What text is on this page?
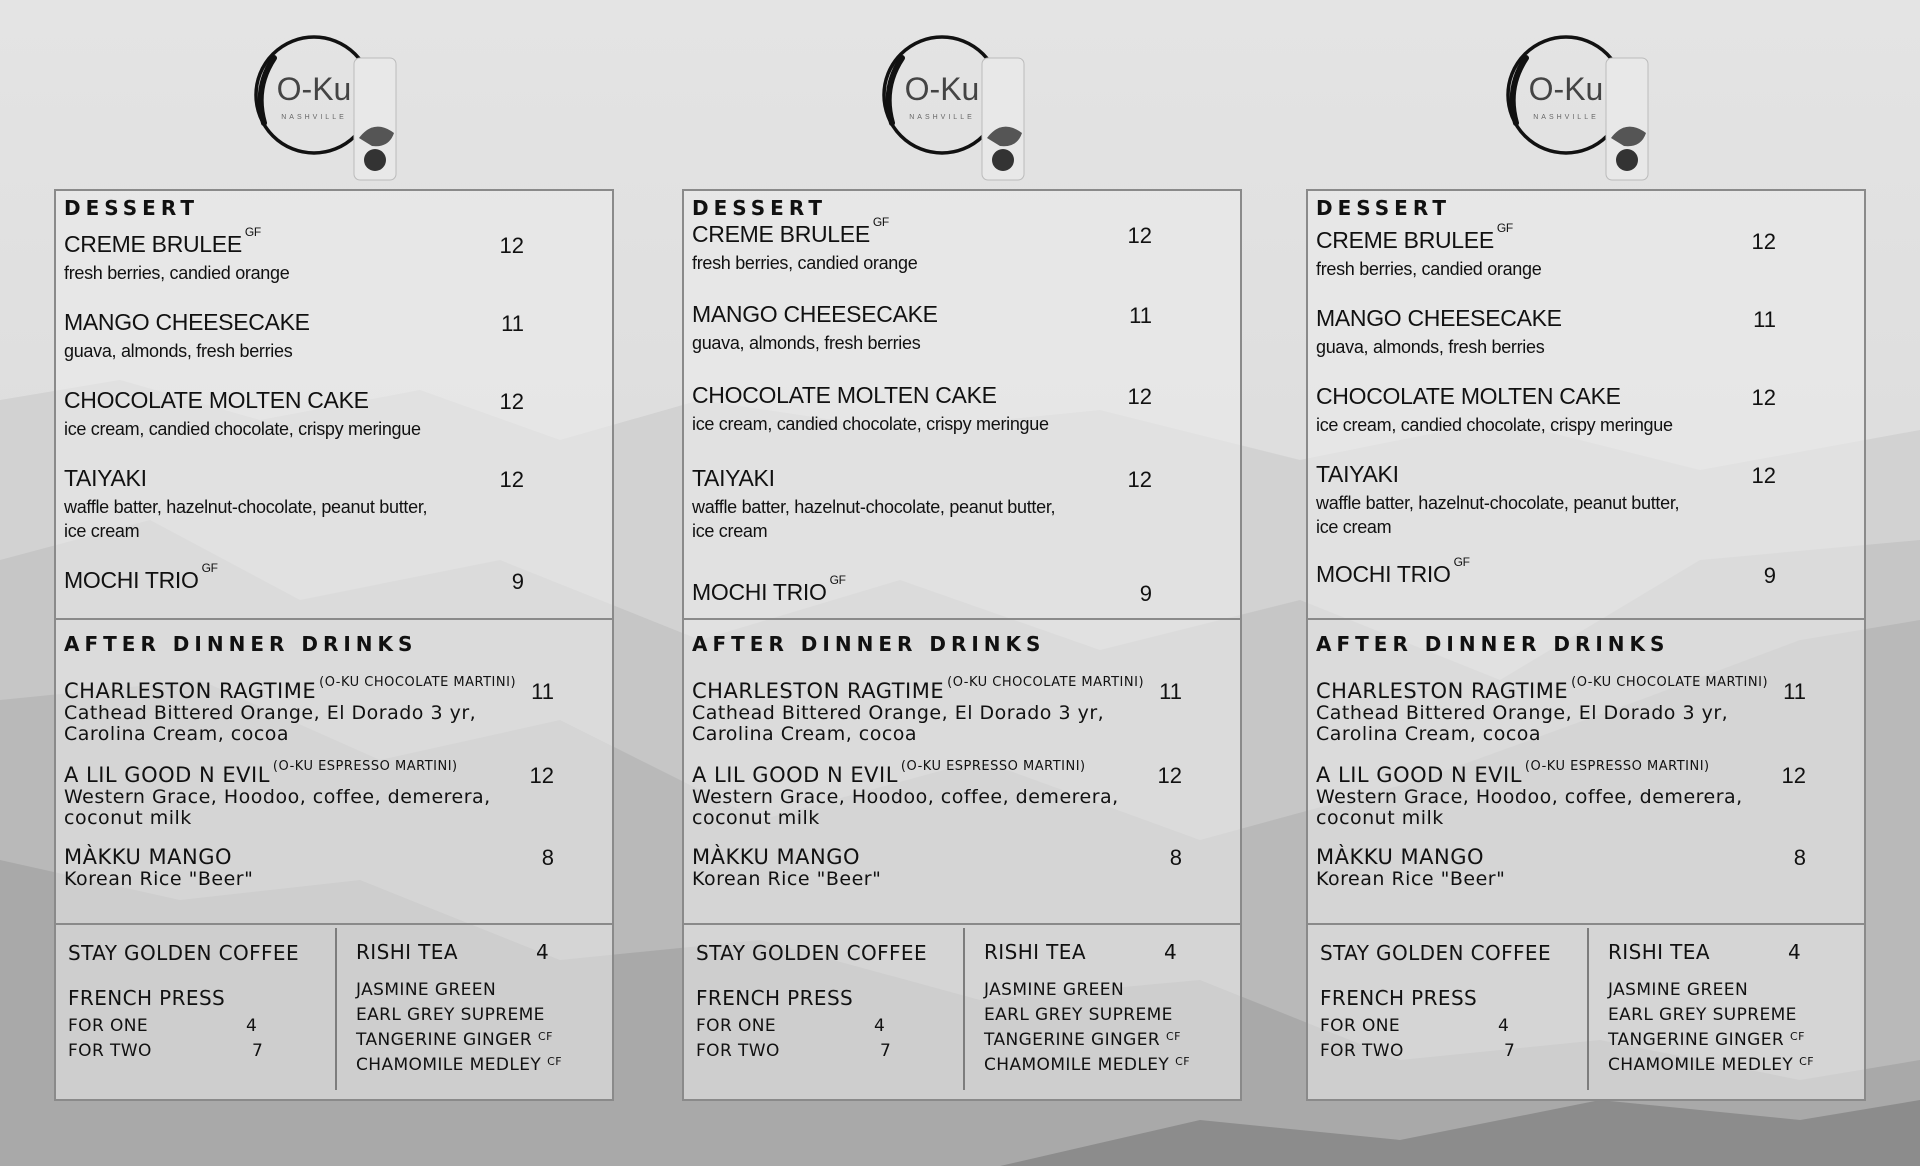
O-Ku
NASHVILLE
DESSERT
CREME BRULEE $^{GF}$
fresh berries, candied orange
12
MANGO CHEESECAKE
guava, almonds, fresh berries
11
CHOCOLATE MOLTEN CAKE
ice cream, candied chocolate, crispy meringue
12
TAIYAKI
waffle batter, hazelnut-chocolate, peanut butter,
ice cream
12
MOCHI TRIO $^{GF}$
9
AFTER DINNER DRINKS
CHARLESTON RAGTIME $^{(O-KU CHOCOLATE MARTINI)}$
Cathead Bittered Orange, El Dorado 3 yr,
Carolina Cream, cocoa
11
A LIL GOOD N EVIL $^{(O-KU ESPRESSO MARTINI)}$
Western Grace, Hoodoo, coffee, demerera,
coconut milk
12
MÀKKU MANGO
Korean Rice "Beer"
8
STAY GOLDEN COFFEE
FRENCH PRESS
FOR ONE	4
FOR TWO	7
RISHI TEA	4
JASMINE GREEN
EARL GREY SUPREME
TANGERINE GINGER $^{CF}$
CHAMOMILE MEDLEY $^{CF}$
O-Ku
NASHVILLE
DESSERT
CREME BRULEE $^{GF}$
fresh berries, candied orange
12
MANGO CHEESECAKE
guava, almonds, fresh berries
11
CHOCOLATE MOLTEN CAKE
ice cream, candied chocolate, crispy meringue
12
TAIYAKI
waffle batter, hazelnut-chocolate, peanut butter,
ice cream
12
MOCHI TRIO $^{GF}$
9
AFTER DINNER DRINKS
CHARLESTON RAGTIME $^{(O-KU CHOCOLATE MARTINI)}$
Cathead Bittered Orange, El Dorado 3 yr,
Carolina Cream, cocoa
11
A LIL GOOD N EVIL $^{(O-KU ESPRESSO MARTINI)}$
Western Grace, Hoodoo, coffee, demerera,
coconut milk
12
MÀKKU MANGO
Korean Rice "Beer"
8
STAY GOLDEN COFFEE
FRENCH PRESS
FOR ONE	4
FOR TWO	7
RISHI TEA	4
JASMINE GREEN
EARL GREY SUPREME
TANGERINE GINGER $^{CF}$
CHAMOMILE MEDLEY $^{CF}$
O-Ku
NASHVILLE
DESSERT
CREME BRULEE $^{GF}$
fresh berries, candied orange
12
MANGO CHEESECAKE
guava, almonds, fresh berries
11
CHOCOLATE MOLTEN CAKE
ice cream, candied chocolate, crispy meringue
12
TAIYAKI
waffle batter, hazelnut-chocolate, peanut butter,
ice cream
12
MOCHI TRIO $^{GF}$
9
AFTER DINNER DRINKS
CHARLESTON RAGTIME $^{(O-KU CHOCOLATE MARTINI)}$
Cathead Bittered Orange, El Dorado 3 yr,
Carolina Cream, cocoa
11
A LIL GOOD N EVIL $^{(O-KU ESPRESSO MARTINI)}$
Western Grace, Hoodoo, coffee, demerera,
coconut milk
12
MÀKKU MANGO
Korean Rice "Beer"
8
STAY GOLDEN COFFEE
FRENCH PRESS
FOR ONE	4
FOR TWO	7
RISHI TEA	4
JASMINE GREEN
EARL GREY SUPREME
TANGERINE GINGER $^{CF}$
CHAMOMILE MEDLEY $^{CF}$
